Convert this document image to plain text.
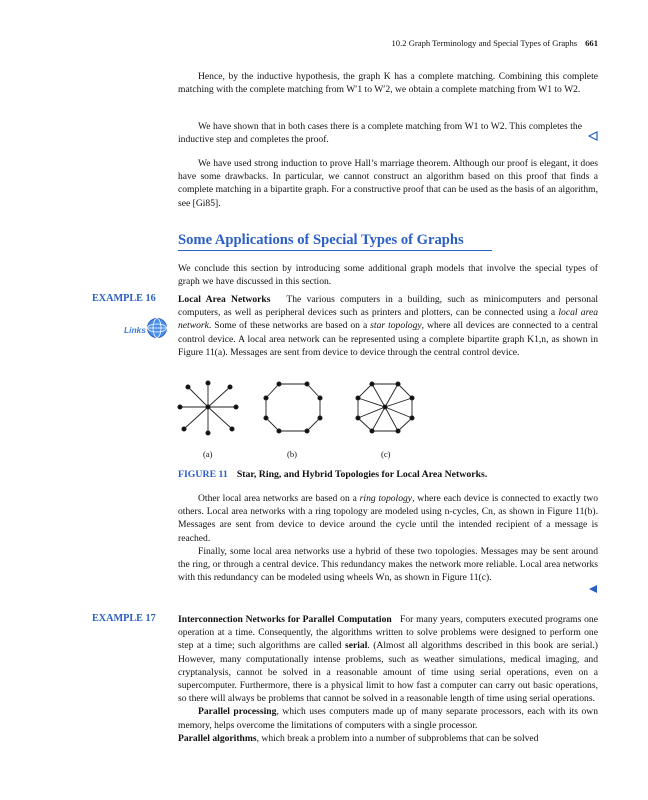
10.2 Graph Terminology and Special Types of Graphs 661

Hence, by the inductive hypothesis, the graph K has a complete matching. Combining this complete matching with the complete matching from W′1 to W′2, we obtain a complete matching from W1 to W2.

We have shown that in both cases there is a complete matching from W1 to W2. This completes the inductive step and completes the proof.

We have used strong induction to prove Hall’s marriage theorem. Although our proof is elegant, it does have some drawbacks. In particular, we cannot construct an algorithm based on this proof that finds a complete matching in a bipartite graph. For a constructive proof that can be used as the basis of an algorithm, see [Gi85].

Some Applications of Special Types of Graphs

We conclude this section by introducing some additional graph models that involve the special types of graph we have discussed in this section.

EXAMPLE 16
Links

Local Area Networks The various computers in a building, such as minicomputers and personal computers, as well as peripheral devices such as printers and plotters, can be connected using a local area network. Some of these networks are based on a star topology, where all devices are connected to a central control device. A local area network can be represented using a complete bipartite graph K1,n, as shown in Figure 11(a). Messages are sent from device to device through the central control device.

(a)	(b)	(c)
FIGURE 11 Star, Ring, and Hybrid Topologies for Local Area Networks.

Other local area networks are based on a ring topology, where each device is connected to exactly two others. Local area networks with a ring topology are modeled using n-cycles, Cn, as shown in Figure 11(b). Messages are sent from device to device around the cycle until the intended recipient of a message is reached.

Finally, some local area networks use a hybrid of these two topologies. Messages may be sent around the ring, or through a central device. This redundancy makes the network more reliable. Local area networks with this redundancy can be modeled using wheels Wn, as shown in Figure 11(c).

EXAMPLE 17 Interconnection Networks for Parallel Computation For many years, computers executed programs one operation at a time. Consequently, the algorithms written to solve problems were designed to perform one step at a time; such algorithms are called serial. (Almost all algorithms described in this book are serial.) However, many computationally intense problems, such as weather simulations, medical imaging, and cryptanalysis, cannot be solved in a reasonable amount of time using serial operations, even on a supercomputer. Furthermore, there is a physical limit to how fast a computer can carry out basic operations, so there will always be problems that cannot be solved in a reasonable length of time using serial operations.

Parallel processing, which uses computers made up of many separate processors, each with its own memory, helps overcome the limitations of computers with a single processor.

Parallel algorithms, which break a problem into a number of subproblems that can be solved
